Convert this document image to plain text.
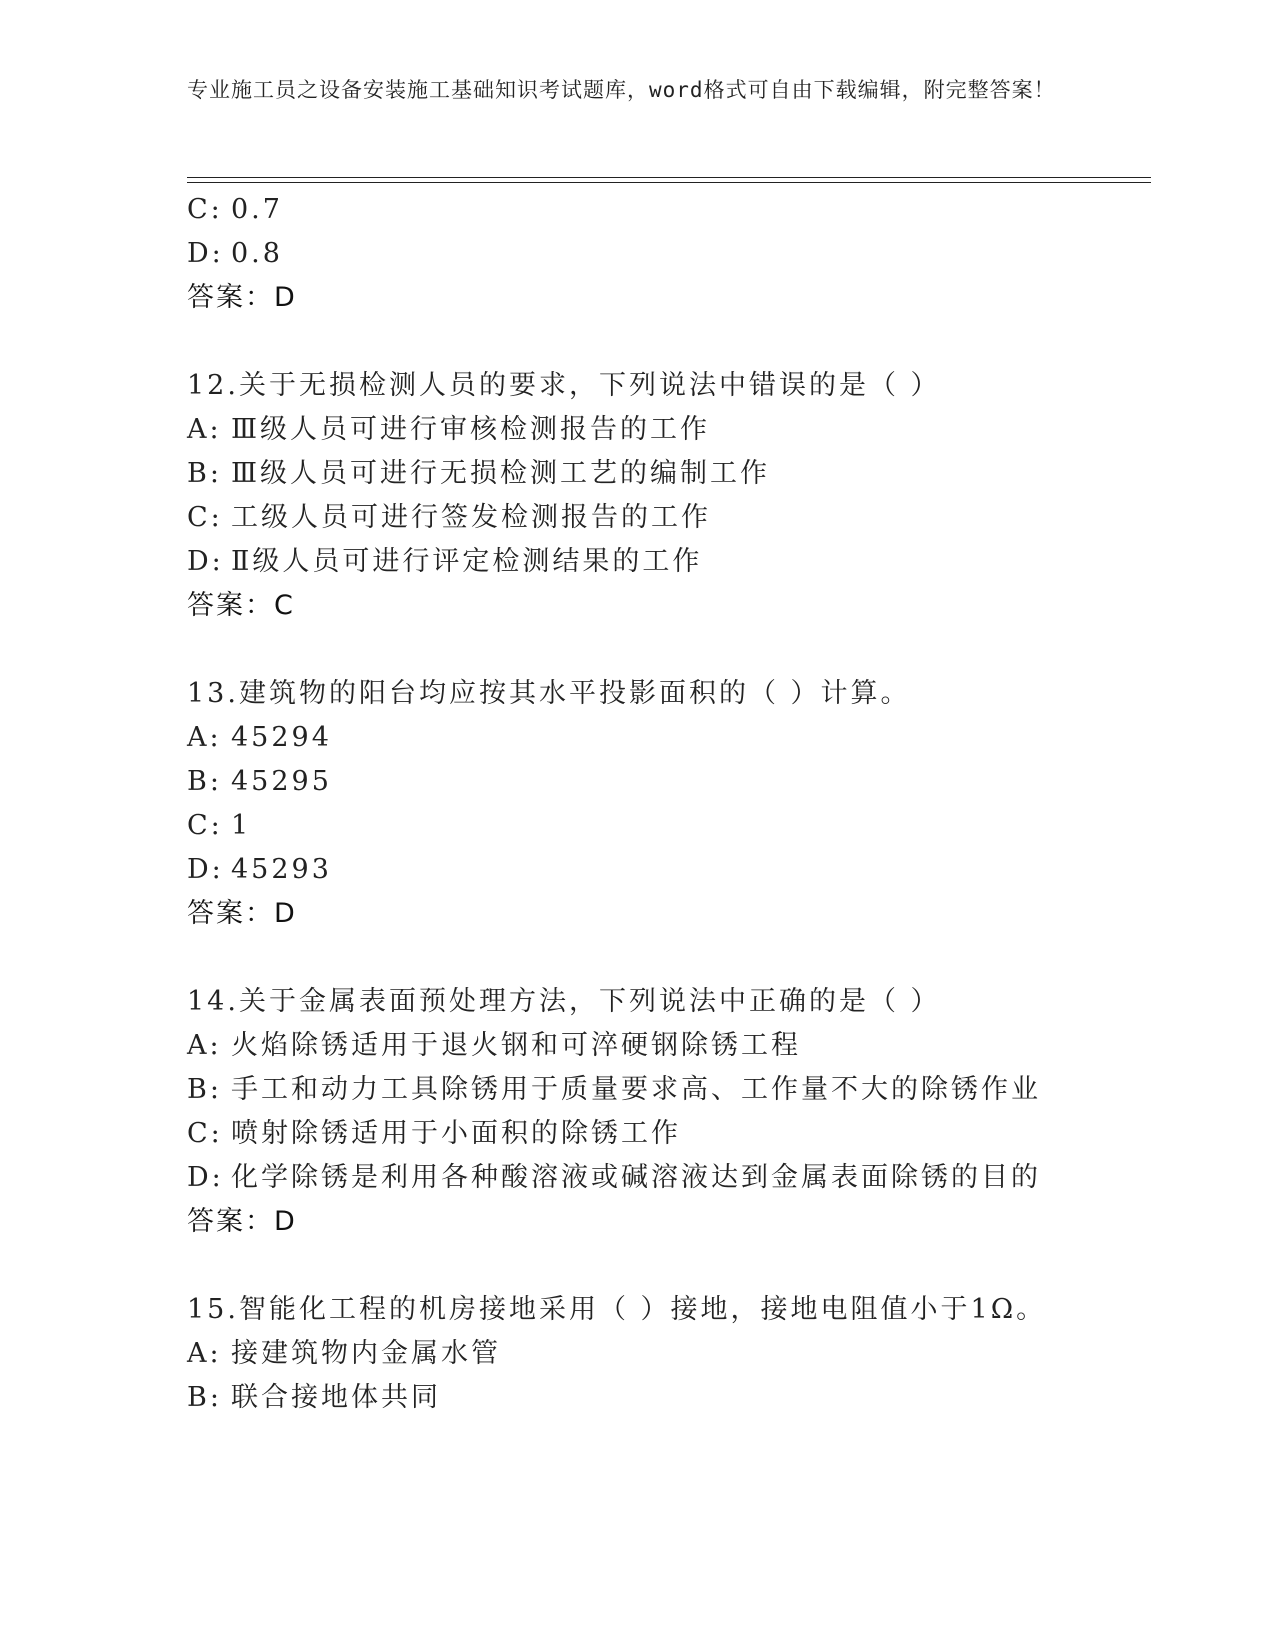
专业施工员之设备安装施工基础知识考试题库，word格式可自由下载编辑，附完整答案！
C: 0.7
D: 0.8
答案：D
12.关于无损检测人员的要求，下列说法中错误的是（ ）
A: Ⅲ级人员可进行审核检测报告的工作
B: Ⅲ级人员可进行无损检测工艺的编制工作
C: 工级人员可进行签发检测报告的工作
D: Ⅱ级人员可进行评定检测结果的工作
答案：C
13.建筑物的阳台均应按其水平投影面积的（ ）计算。
A: 45294
B: 45295
C: 1
D: 45293
答案：D
14.关于金属表面预处理方法，下列说法中正确的是（ ）
A: 火焰除锈适用于退火钢和可淬硬钢除锈工程
B: 手工和动力工具除锈用于质量要求高、工作量不大的除锈作业
C: 喷射除锈适用于小面积的除锈工作
D: 化学除锈是利用各种酸溶液或碱溶液达到金属表面除锈的目的
答案：D
15.智能化工程的机房接地采用（ ）接地，接地电阻值小于1Ω。
A: 接建筑物内金属水管
B: 联合接地体共同
